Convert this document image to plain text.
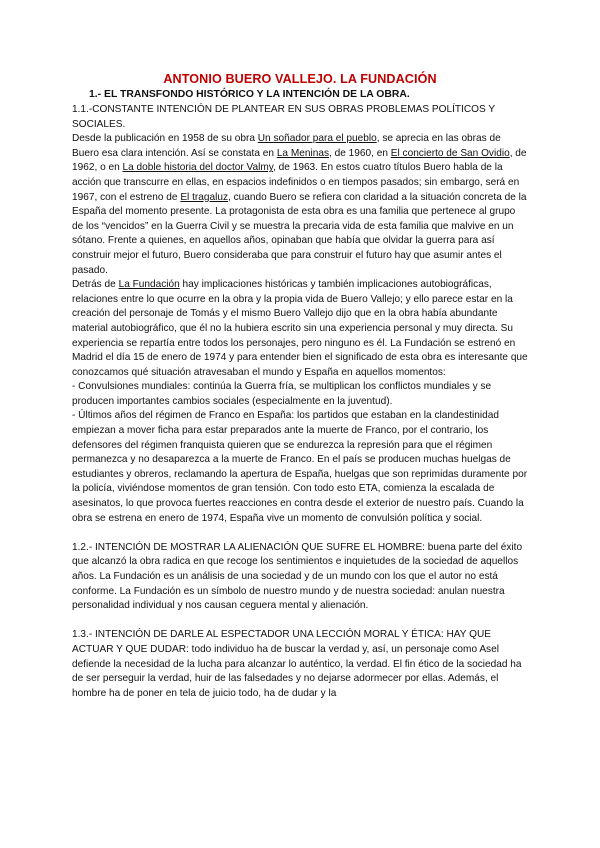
ANTONIO BUERO VALLEJO. LA FUNDACIÓN
1.- EL TRANSFONDO HISTÓRICO Y LA INTENCIÓN DE LA OBRA.

1.1.-CONSTANTE INTENCIÓN DE PLANTEAR EN SUS OBRAS PROBLEMAS POLÍTICOS Y SOCIALES.

Desde la publicación en 1958 de su obra Un soñador para el pueblo, se aprecia en las obras de Buero esa clara intención. Así se constata en La Meninas, de 1960, en El concierto de San Ovidio, de 1962, o en La doble historia del doctor Valmy, de 1963. En estos cuatro títulos Buero habla de la acción que transcurre en ellas, en espacios indefinidos o en tiempos pasados; sin embargo, será en 1967, con el estreno de El tragaluz, cuando Buero se refiera con claridad a la situación concreta de la España del momento presente. La protagonista de esta obra es una familia que pertenece al grupo de los “vencidos” en la Guerra Civil y se muestra la precaria vida de esta familia que malvive en un sótano. Frente a quienes, en aquellos años, opinaban que había que olvidar la guerra para así construir mejor el futuro, Buero consideraba que para construir el futuro hay que asumir antes el pasado.

Detrás de La Fundación hay implicaciones históricas y también implicaciones autobiográficas, relaciones entre lo que ocurre en la obra y la propia vida de Buero Vallejo; y ello parece estar en la creación del personaje de Tomás y el mismo Buero Vallejo dijo que en la obra había abundante material autobiográfico, que él no la hubiera escrito sin una experiencia personal y muy directa. Su experiencia se repartía entre todos los personajes, pero ninguno es él. La Fundación se estrenó en Madrid el día 15 de enero de 1974 y para entender bien el significado de esta obra es interesante que conozcamos qué situación atravesaban el mundo y España en aquellos momentos:

- Convulsiones mundiales: continúa la Guerra fría, se multiplican los conflictos mundiales y se producen importantes cambios sociales (especialmente en la juventud).

- Últimos años del régimen de Franco en España: los partidos que estaban en la clandestinidad empiezan a mover ficha para estar preparados ante la muerte de Franco, por el contrario, los defensores del régimen franquista quieren que se endurezca la represión para que el régimen permanezca y no desaparezca a la muerte de Franco. En el país se producen muchas huelgas de estudiantes y obreros, reclamando la apertura de España, huelgas que son reprimidas duramente por la policía, viviéndose momentos de gran tensión. Con todo esto ETA, comienza la escalada de asesinatos, lo que provoca fuertes reacciones en contra desde el exterior de nuestro país. Cuando la obra se estrena en enero de 1974, España vive un momento de convulsión política y social.

1.2.- INTENCIÓN DE MOSTRAR LA ALIENACIÓN QUE SUFRE EL HOMBRE: buena parte del éxito que alcanzó la obra radica en que recoge los sentimientos e inquietudes de la sociedad de aquellos años. La Fundación es un análisis de una sociedad y de un mundo con los que el autor no está conforme. La Fundación es un símbolo de nuestro mundo y de nuestra sociedad: anulan nuestra personalidad individual y nos causan ceguera mental y alienación.

1.3.- INTENCIÓN DE DARLE AL ESPECTADOR UNA LECCIÓN MORAL Y ÉTICA: HAY QUE ACTUAR Y QUE DUDAR: todo individuo ha de buscar la verdad y, así, un personaje como Asel defiende la necesidad de la lucha para alcanzar lo auténtico, la verdad. El fin ético de la sociedad ha de ser perseguir la verdad, huir de las falsedades y no dejarse adormecer por ellas. Además, el hombre ha de poner en tela de juicio todo, ha de dudar y la
